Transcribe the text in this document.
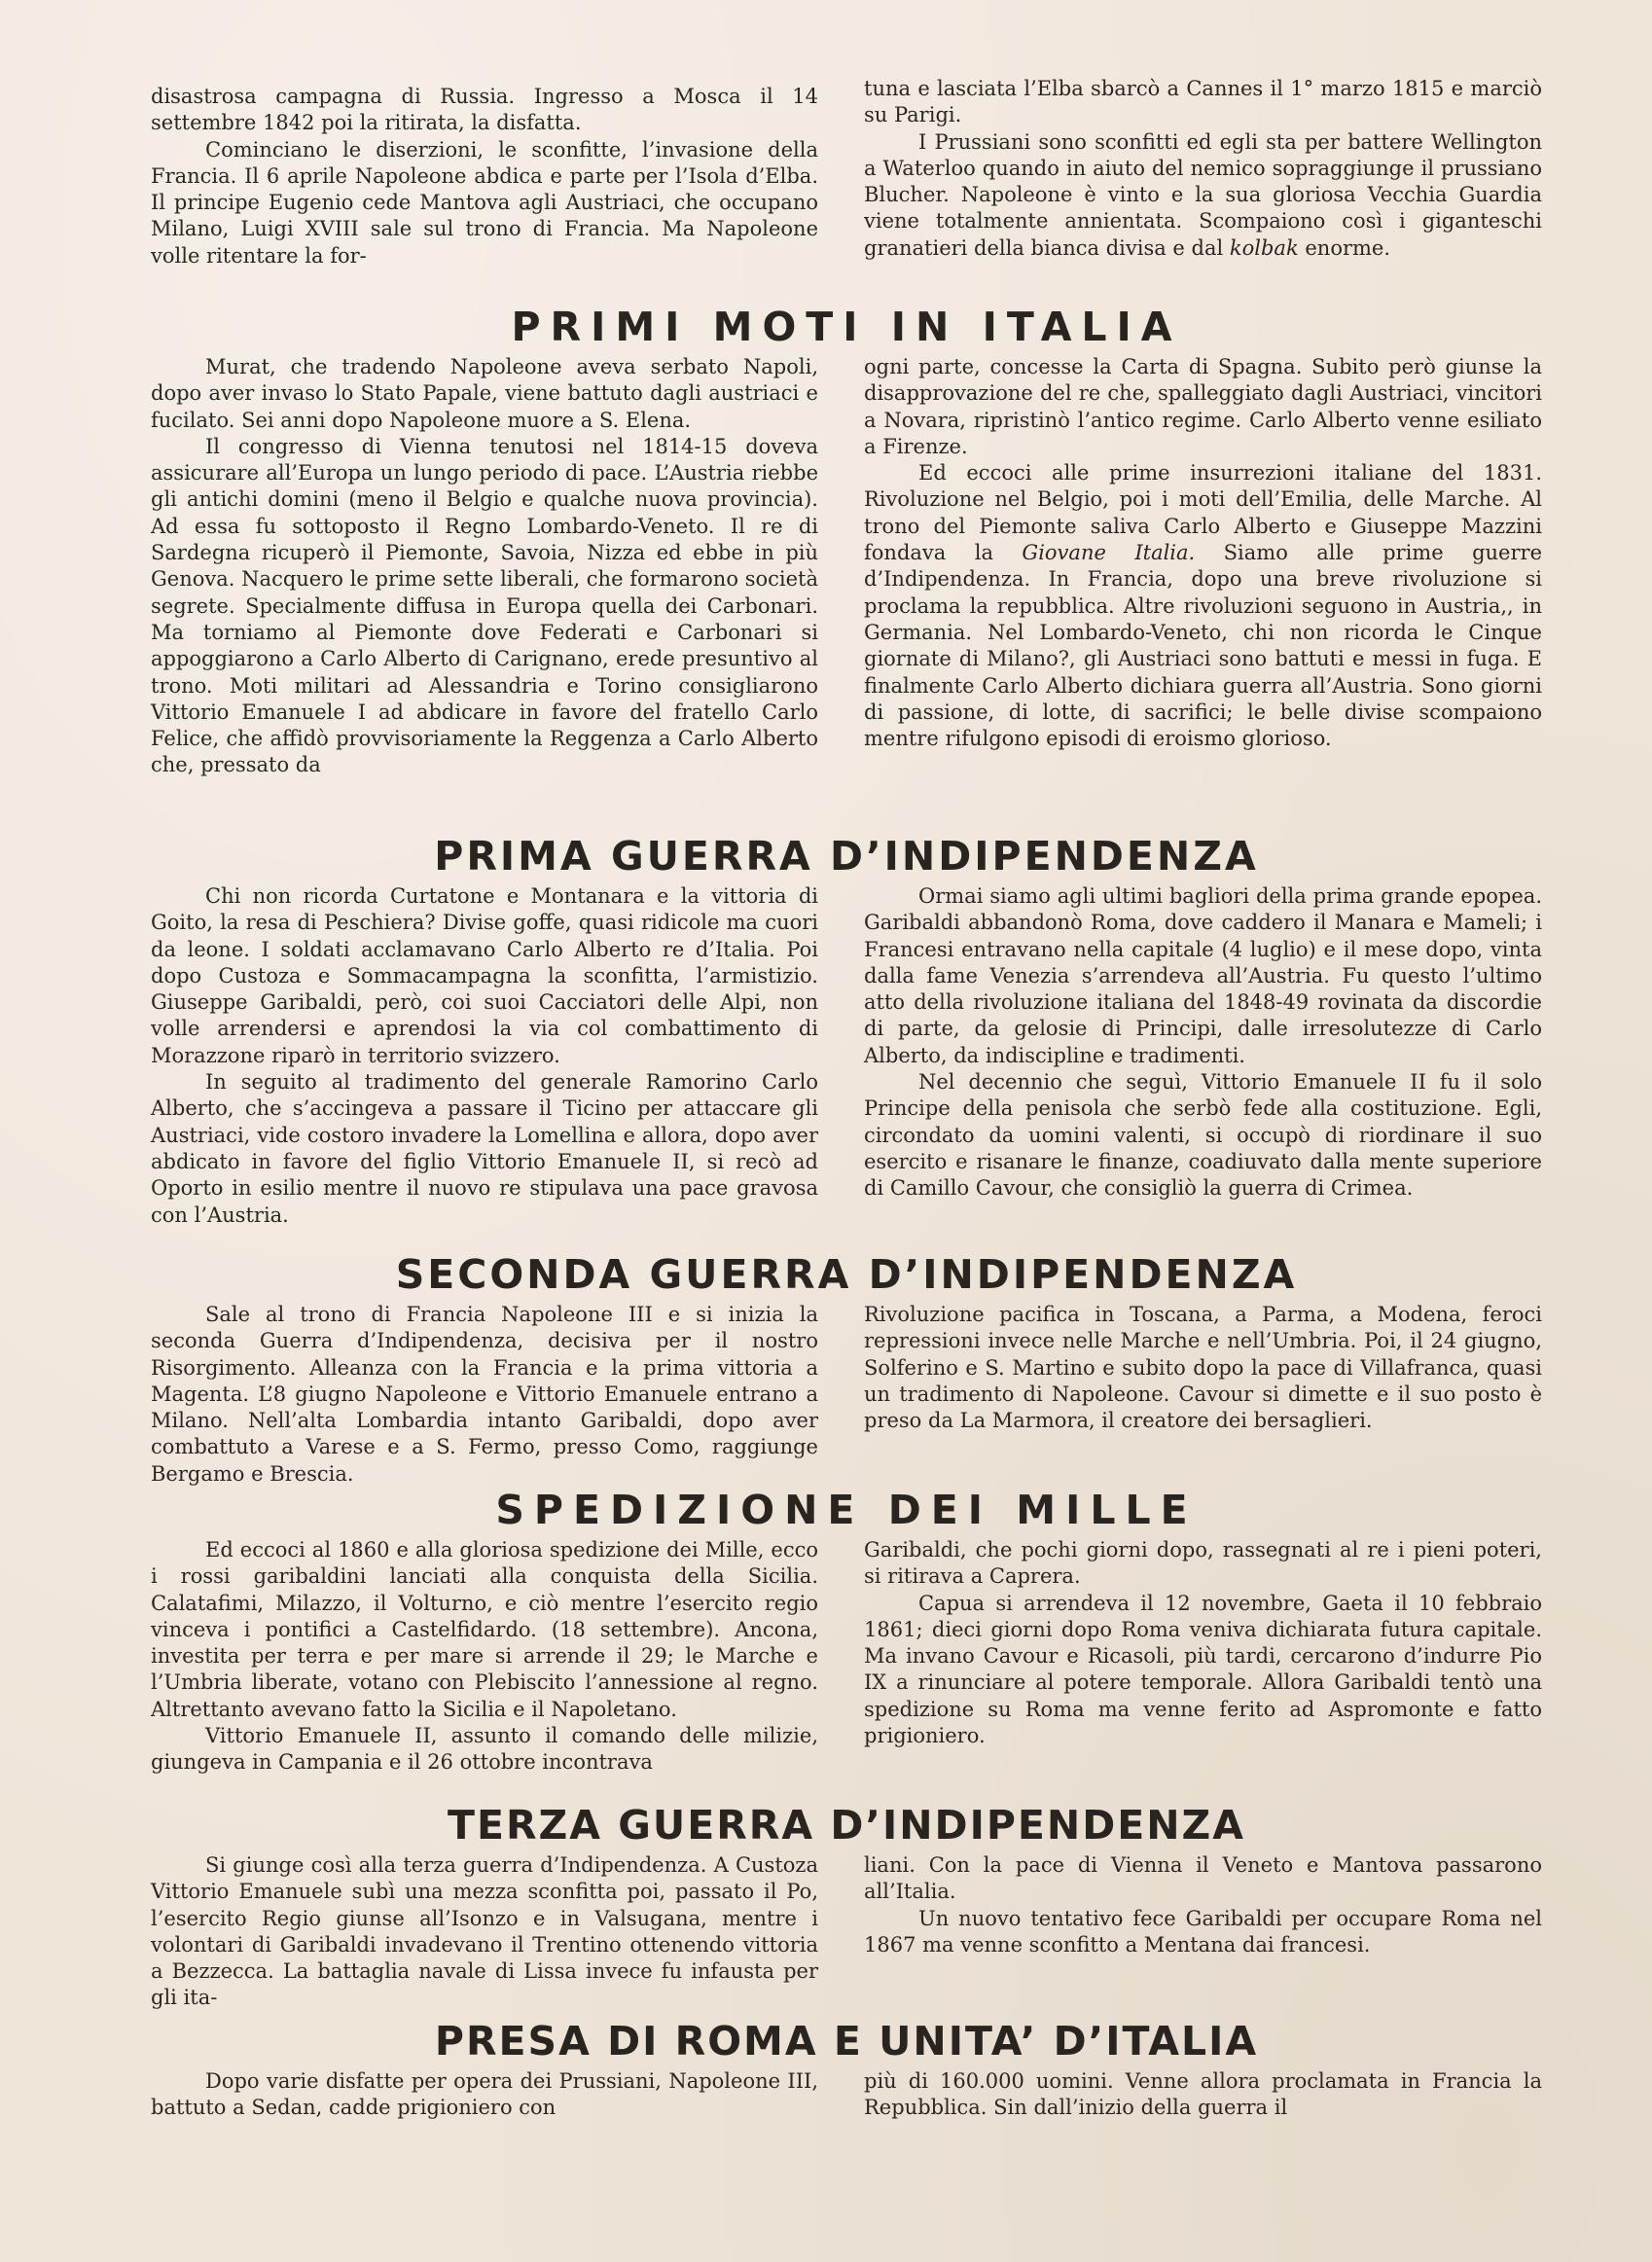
disastrosa campagna di Russia. Ingresso a Mosca il 14 settembre 1842 poi la ritirata, la disfatta.

Cominciano le diserzioni, le sconfitte, l’invasione della Francia. Il 6 aprile Napoleone abdica e parte per l’Isola d’Elba. Il principe Eugenio cede Mantova agli Austriaci, che occupano Milano, Luigi XVIII sale sul trono di Francia. Ma Napoleone volle ritentare la for-

tuna e lasciata l’Elba sbarcò a Cannes il 1° marzo 1815 e marciò su Parigi.

I Prussiani sono sconfitti ed egli sta per battere Wellington a Waterloo quando in aiuto del nemico sopraggiunge il prussiano Blucher. Napoleone è vinto e la sua gloriosa Vecchia Guardia viene totalmente annientata. Scompaiono così i giganteschi granatieri della bianca divisa e dal kolbak enorme.

PRIMI MOTI IN ITALIA

Murat, che tradendo Napoleone aveva serbato Napoli, dopo aver invaso lo Stato Papale, viene battuto dagli austriaci e fucilato. Sei anni dopo Napoleone muore a S. Elena.

Il congresso di Vienna tenutosi nel 1814-15 doveva assicurare all’Europa un lungo periodo di pace. L’Austria riebbe gli antichi domini (meno il Belgio e qualche nuova provincia). Ad essa fu sottoposto il Regno Lombardo-Veneto. Il re di Sardegna ricuperò il Piemonte, Savoia, Nizza ed ebbe in più Genova. Nacquero le prime sette liberali, che formarono società segrete. Specialmente diffusa in Europa quella dei Carbonari. Ma torniamo al Piemonte dove Federati e Carbonari si appoggiarono a Carlo Alberto di Carignano, erede presuntivo al trono. Moti militari ad Alessandria e Torino consigliarono Vittorio Emanuele I ad abdicare in favore del fratello Carlo Felice, che affidò provvisoriamente la Reggenza a Carlo Alberto che, pressato da

ogni parte, concesse la Carta di Spagna. Subito però giunse la disapprovazione del re che, spalleggiato dagli Austriaci, vincitori a Novara, ripristinò l’antico regime. Carlo Alberto venne esiliato a Firenze.

Ed eccoci alle prime insurrezioni italiane del 1831. Rivoluzione nel Belgio, poi i moti dell’Emilia, delle Marche. Al trono del Piemonte saliva Carlo Alberto e Giuseppe Mazzini fondava la Giovane Italia. Siamo alle prime guerre d’Indipendenza. In Francia, dopo una breve rivoluzione si proclama la repubblica. Altre rivoluzioni seguono in Austria,, in Germania. Nel Lombardo-Veneto, chi non ricorda le Cinque giornate di Milano?, gli Austriaci sono battuti e messi in fuga. E finalmente Carlo Alberto dichiara guerra all’Austria. Sono giorni di passione, di lotte, di sacrifici; le belle divise scompaiono mentre rifulgono episodi di eroismo glorioso.

PRIMA GUERRA D’INDIPENDENZA

Chi non ricorda Curtatone e Montanara e la vittoria di Goito, la resa di Peschiera? Divise goffe, quasi ridicole ma cuori da leone. I soldati acclamavano Carlo Alberto re d’Italia. Poi dopo Custoza e Sommacampagna la sconfitta, l’armistizio. Giuseppe Garibaldi, però, coi suoi Cacciatori delle Alpi, non volle arrendersi e aprendosi la via col combattimento di Morazzone riparò in territorio svizzero.

In seguito al tradimento del generale Ramorino Carlo Alberto, che s’accingeva a passare il Ticino per attaccare gli Austriaci, vide costoro invadere la Lomellina e allora, dopo aver abdicato in favore del figlio Vittorio Emanuele II, si recò ad Oporto in esilio mentre il nuovo re stipulava una pace gravosa con l’Austria.

Ormai siamo agli ultimi bagliori della prima grande epopea. Garibaldi abbandonò Roma, dove caddero il Manara e Mameli; i Francesi entravano nella capitale (4 luglio) e il mese dopo, vinta dalla fame Venezia s’arrendeva all’Austria. Fu questo l’ultimo atto della rivoluzione italiana del 1848-49 rovinata da discordie di parte, da gelosie di Principi, dalle irresolutezze di Carlo Alberto, da indiscipline e tradimenti.

Nel decennio che seguì, Vittorio Emanuele II fu il solo Principe della penisola che serbò fede alla costituzione. Egli, circondato da uomini valenti, si occupò di riordinare il suo esercito e risanare le finanze, coadiuvato dalla mente superiore di Camillo Cavour, che consigliò la guerra di Crimea.

SECONDA GUERRA D’INDIPENDENZA

Sale al trono di Francia Napoleone III e si inizia la seconda Guerra d’Indipendenza, decisiva per il nostro Risorgimento. Alleanza con la Francia e la prima vittoria a Magenta. L’8 giugno Napoleone e Vittorio Emanuele entrano a Milano. Nell’alta Lombardia intanto Garibaldi, dopo aver combattuto a Varese e a S. Fermo, presso Como, raggiunge Bergamo e Brescia.

Rivoluzione pacifica in Toscana, a Parma, a Modena, feroci repressioni invece nelle Marche e nell’Umbria. Poi, il 24 giugno, Solferino e S. Martino e subito dopo la pace di Villafranca, quasi un tradimento di Napoleone. Cavour si dimette e il suo posto è preso da La Marmora, il creatore dei bersaglieri.

SPEDIZIONE DEI MILLE

Ed eccoci al 1860 e alla gloriosa spedizione dei Mille, ecco i rossi garibaldini lanciati alla conquista della Sicilia. Calatafimi, Milazzo, il Volturno, e ciò mentre l’esercito regio vinceva i pontifici a Castelfidardo. (18 settembre). Ancona, investita per terra e per mare si arrende il 29; le Marche e l’Umbria liberate, votano con Plebiscito l’annessione al regno. Altrettanto avevano fatto la Sicilia e il Napoletano.

Vittorio Emanuele II, assunto il comando delle milizie, giungeva in Campania e il 26 ottobre incontrava

Garibaldi, che pochi giorni dopo, rassegnati al re i pieni poteri, si ritirava a Caprera.

Capua si arrendeva il 12 novembre, Gaeta il 10 febbraio 1861; dieci giorni dopo Roma veniva dichiarata futura capitale. Ma invano Cavour e Ricasoli, più tardi, cercarono d’indurre Pio IX a rinunciare al potere temporale. Allora Garibaldi tentò una spedizione su Roma ma venne ferito ad Aspromonte e fatto prigioniero.

TERZA GUERRA D’INDIPENDENZA

Si giunge così alla terza guerra d’Indipendenza. A Custoza Vittorio Emanuele subì una mezza sconfitta poi, passato il Po, l’esercito Regio giunse all’Isonzo e in Valsugana, mentre i volontari di Garibaldi invadevano il Trentino ottenendo vittoria a Bezzecca. La battaglia navale di Lissa invece fu infausta per gli ita-

liani. Con la pace di Vienna il Veneto e Mantova passarono all’Italia.

Un nuovo tentativo fece Garibaldi per occupare Roma nel 1867 ma venne sconfitto a Mentana dai francesi.

PRESA DI ROMA E UNITA’ D’ITALIA

Dopo varie disfatte per opera dei Prussiani, Napoleone III, battuto a Sedan, cadde prigioniero con

più di 160.000 uomini. Venne allora proclamata in Francia la Repubblica. Sin dall’inizio della guerra il
